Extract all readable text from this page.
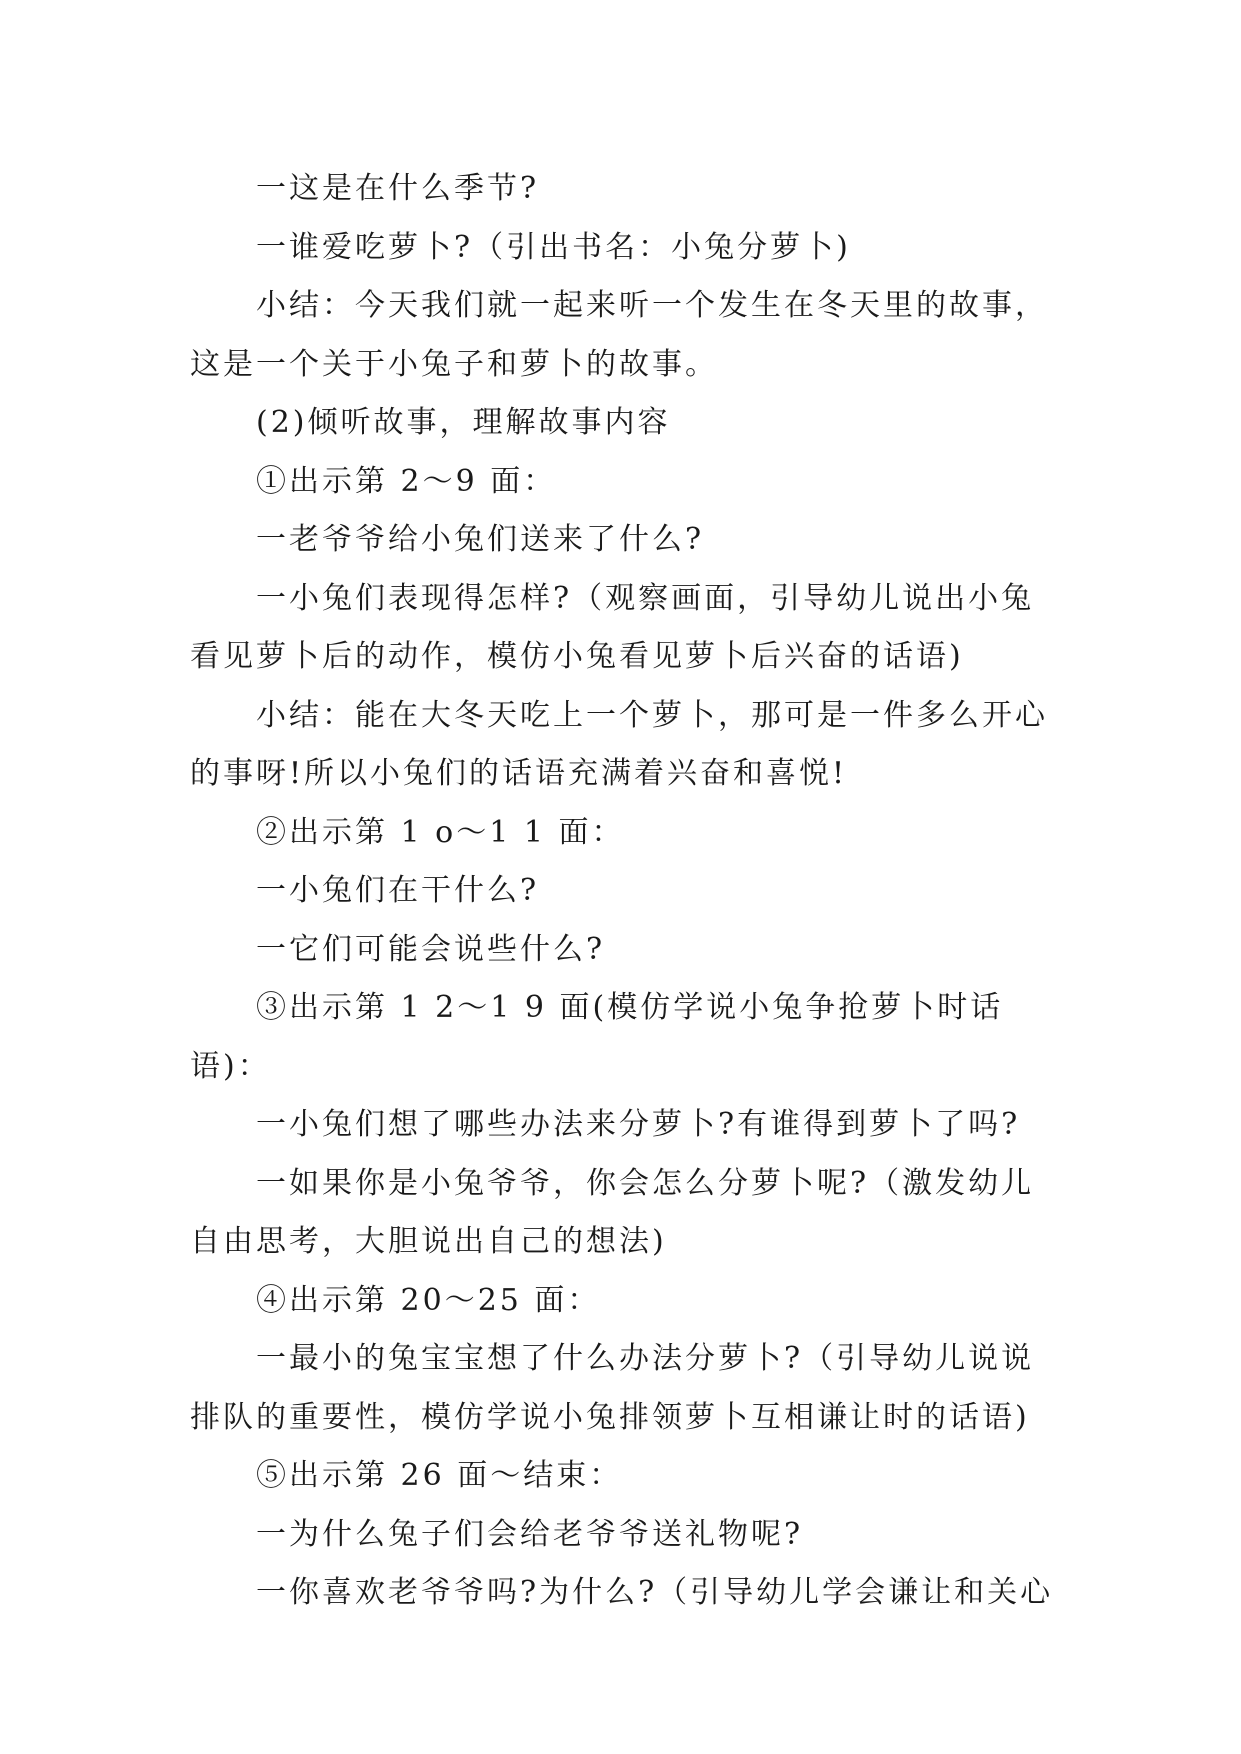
一这是在什么季节?

一谁爱吃萝卜?（引出书名：小兔分萝卜)

小结：今天我们就一起来听一个发生在冬天里的故事，这是一个关于小兔子和萝卜的故事。

(2)倾听故事，理解故事内容

①出示第 2～9 面：

一老爷爷给小兔们送来了什么?

一小兔们表现得怎样?（观察画面，引导幼儿说出小兔看见萝卜后的动作，模仿小兔看见萝卜后兴奋的话语)

小结：能在大冬天吃上一个萝卜，那可是一件多么开心的事呀!所以小兔们的话语充满着兴奋和喜悦!

②出示第 1 o～1 1 面：

一小兔们在干什么?

一它们可能会说些什么?

③出示第 1 2～1 9 面(模仿学说小兔争抢萝卜时话语)：

一小兔们想了哪些办法来分萝卜?有谁得到萝卜了吗?

一如果你是小兔爷爷，你会怎么分萝卜呢?（激发幼儿自由思考，大胆说出自己的想法)

④出示第 20～25 面：

一最小的兔宝宝想了什么办法分萝卜?（引导幼儿说说排队的重要性，模仿学说小兔排领萝卜互相谦让时的话语)

⑤出示第 26 面～结束：

一为什么兔子们会给老爷爷送礼物呢?

一你喜欢老爷爷吗?为什么?（引导幼儿学会谦让和关心
